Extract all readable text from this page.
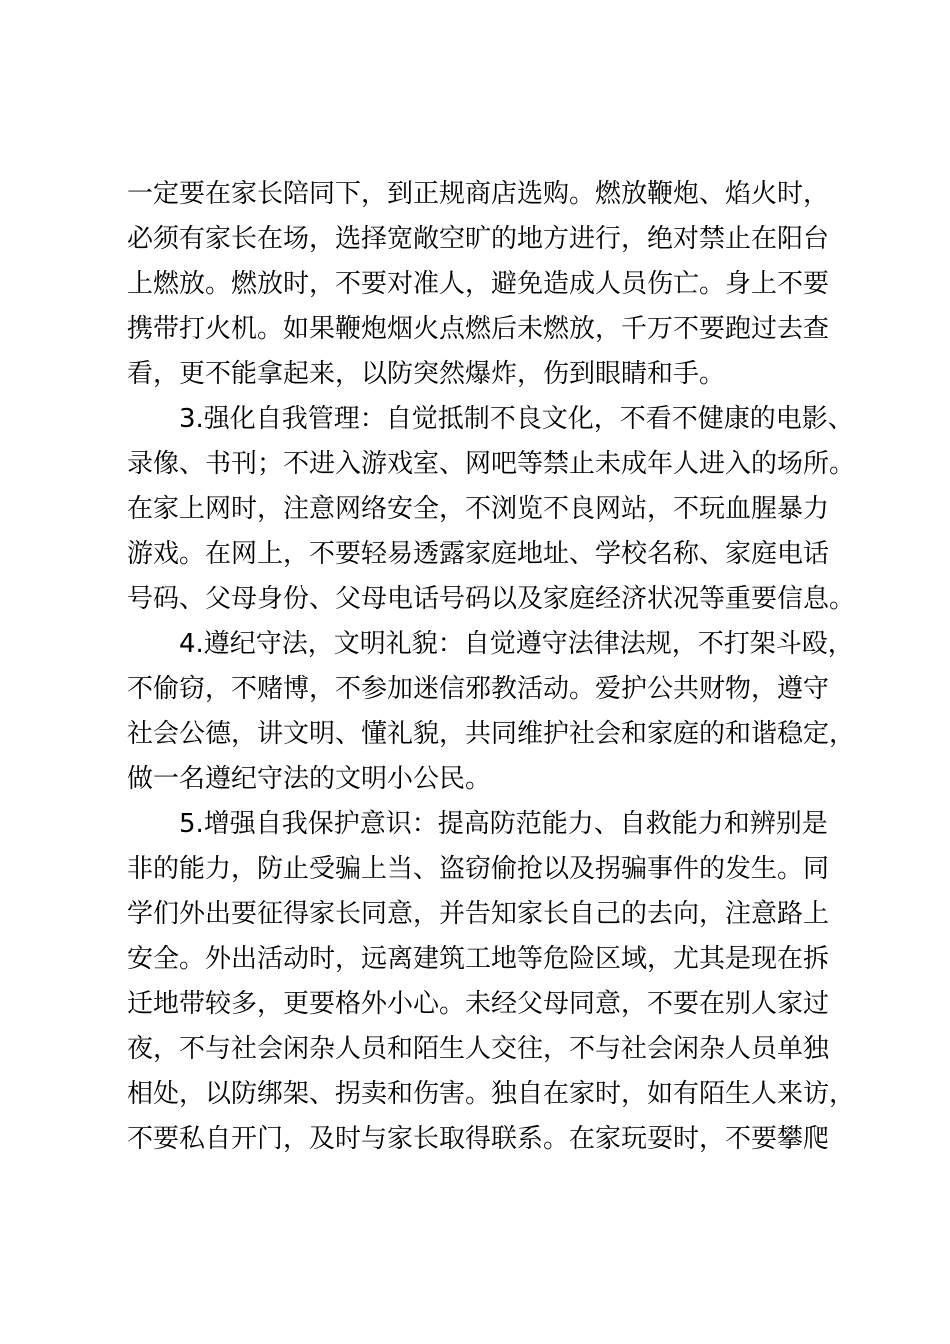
一定要在家长陪同下，到正规商店选购。燃放鞭炮、焰火时，
必须有家长在场，选择宽敞空旷的地方进行，绝对禁止在阳台
上燃放。燃放时，不要对准人，避免造成人员伤亡。身上不要
携带打火机。如果鞭炮烟火点燃后未燃放，千万不要跑过去查
看，更不能拿起来，以防突然爆炸，伤到眼睛和手。
3.强化自我管理：自觉抵制不良文化，不看不健康的电影、
录像、书刊；不进入游戏室、网吧等禁止未成年人进入的场所。
在家上网时，注意网络安全，不浏览不良网站，不玩血腥暴力
游戏。在网上，不要轻易透露家庭地址、学校名称、家庭电话
号码、父母身份、父母电话号码以及家庭经济状况等重要信息。
4.遵纪守法，文明礼貌：自觉遵守法律法规，不打架斗殴，
不偷窃，不赌博，不参加迷信邪教活动。爱护公共财物，遵守
社会公德，讲文明、懂礼貌，共同维护社会和家庭的和谐稳定，
做一名遵纪守法的文明小公民。
5.增强自我保护意识：提高防范能力、自救能力和辨别是
非的能力，防止受骗上当、盗窃偷抢以及拐骗事件的发生。同
学们外出要征得家长同意，并告知家长自己的去向，注意路上
安全。外出活动时，远离建筑工地等危险区域，尤其是现在拆
迁地带较多，更要格外小心。未经父母同意，不要在别人家过
夜，不与社会闲杂人员和陌生人交往，不与社会闲杂人员单独
相处，以防绑架、拐卖和伤害。独自在家时，如有陌生人来访，
不要私自开门，及时与家长取得联系。在家玩耍时，不要攀爬
